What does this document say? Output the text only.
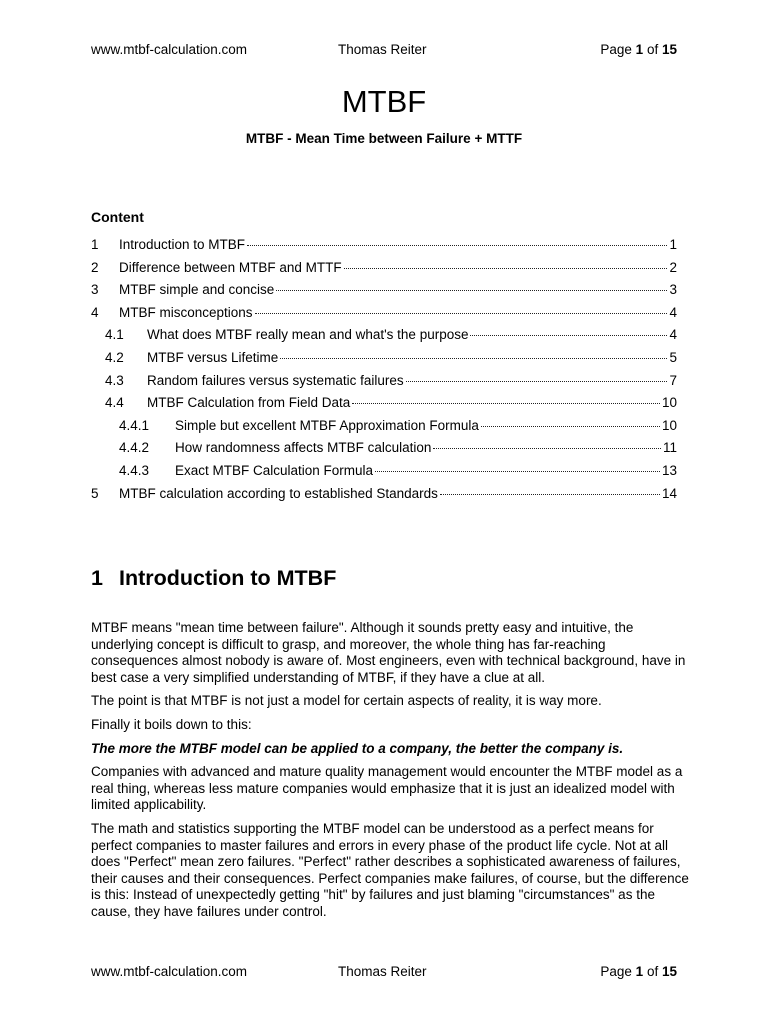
www.mtbf-calculation.com	Thomas Reiter	Page 1 of 15
MTBF
MTBF - Mean Time between Failure + MTTF
Content
1	Introduction to MTBF	1
2	Difference between MTBF and MTTF	2
3	MTBF simple and concise	3
4	MTBF misconceptions	4
4.1	What does MTBF really mean and what's the purpose	4
4.2	MTBF versus Lifetime	5
4.3	Random failures versus systematic failures	7
4.4	MTBF Calculation from Field Data	10
4.4.1	Simple but excellent MTBF Approximation Formula	10
4.4.2	How randomness affects MTBF calculation	11
4.4.3	Exact MTBF Calculation Formula	13
5	MTBF calculation according to established Standards	14
1 Introduction to MTBF

MTBF means "mean time between failure". Although it sounds pretty easy and intuitive, the underlying concept is difficult to grasp, and moreover, the whole thing has far-reaching consequences almost nobody is aware of. Most engineers, even with technical background, have in best case a very simplified understanding of MTBF, if they have a clue at all.

The point is that MTBF is not just a model for certain aspects of reality, it is way more.

Finally it boils down to this:

The more the MTBF model can be applied to a company, the better the company is.

Companies with advanced and mature quality management would encounter the MTBF model as a real thing, whereas less mature companies would emphasize that it is just an idealized model with limited applicability.

The math and statistics supporting the MTBF model can be understood as a perfect means for perfect companies to master failures and errors in every phase of the product life cycle. Not at all does "Perfect" mean zero failures. "Perfect" rather describes a sophisticated awareness of failures, their causes and their consequences. Perfect companies make failures, of course, but the difference is this: Instead of unexpectedly getting "hit" by failures and just blaming "circumstances" as the cause, they have failures under control.

www.mtbf-calculation.com	Thomas Reiter	Page 1 of 15
